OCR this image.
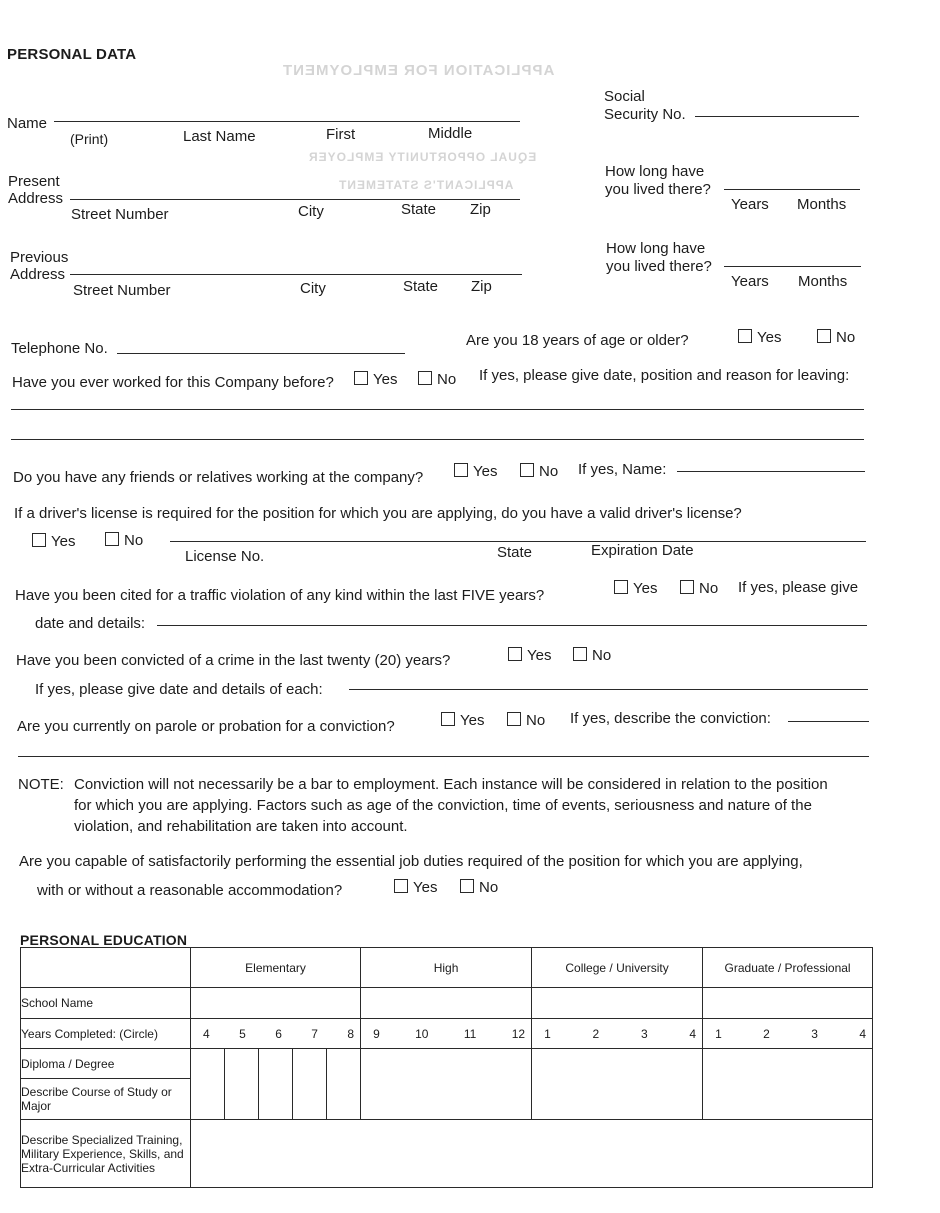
APPLICATION FOR EMPLOYMENT
EQUAL OPPORTUNITY EMPLOYER
APPLICANT'S STATEMENT
PERSONAL DATA
Name
(Print)	Last Name	First	Middle
Social
Security No.
Present
Address
Street Number	City	State Zip
How long have
you lived there?
Years Months
Previous
Address
Street Number	City	State Zip
How long have
you lived there?
Years Months
Telephone No.	Are you 18 years of age or older?	Yes	No
Have you ever worked for this Company before?	Yes	No If yes, please give date, position and reason for leaving:
Do you have any friends or relatives working at the company?	Yes	No If yes, Name:
If a driver's license is required for the position for which you are applying, do you have a valid driver's license?
Yes	No
License No.	State	Expiration Date
Have you been cited for a traffic violation of any kind within the last FIVE years?	Yes	No If yes, please give
date and details:
Have you been convicted of a crime in the last twenty (20) years?	Yes	No
If yes, please give date and details of each:
Are you currently on parole or probation for a conviction?	Yes	No If yes, describe the conviction:
NOTE: Conviction will not necessarily be a bar to employment. Each instance will be considered in relation to the position
for which you are applying. Factors such as age of the conviction, time of events, seriousness and nature of the
violation, and rehabilitation are taken into account.
Are you capable of satisfactorily performing the essential job duties required of the position for which you are applying,
with or without a reasonable accommodation?	Yes	No
PERSONAL EDUCATION
	Elementary					High	College / University	Graduate / Professional
School Name								
Years Completed: (Circle)	4 5 6 7 8					9 10 11 12	1 2 3 4	1 2 3 4

Diploma / Degree								
Describe Course of Study or Major								
Describe Specialized Training, Military Experience, Skills, and Extra-Curricular Activities								
